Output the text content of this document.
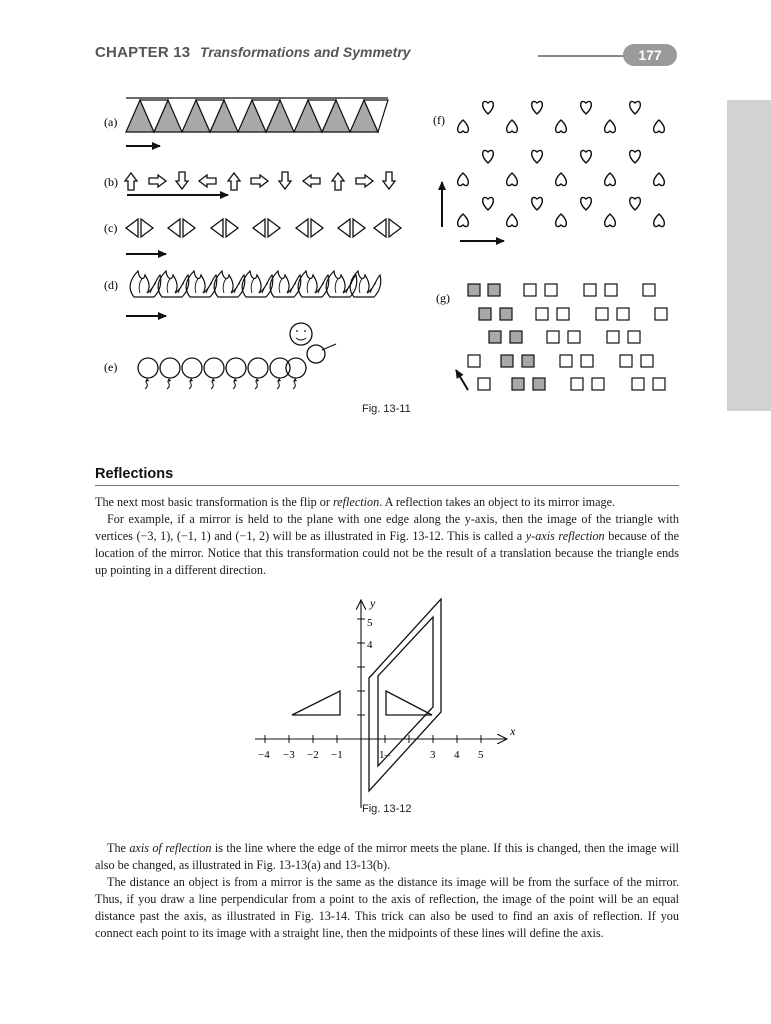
CHAPTER 13 Transformations and Symmetry	177
(a)
(b)
(c)
(d)
(e)
(f)
(g)
Fig. 13-11
Reflections

The next most basic transformation is the flip or reflection. A reflection takes an object to its mirror image.

For example, if a mirror is held to the plane with one edge along the y-axis, then the image of the triangle with vertices (−3, 1), (−1, 1) and (−1, 2) will be as illustrated in Fig. 13-12. This is called a y-axis reflection because of the location of the mirror. Notice that this transformation could not be the result of a translation because the triangle ends up pointing in a different direction.

x
y
−4 −3 −2 −1	1–	3 4 5
5
4
Fig. 13-12

The axis of reflection is the line where the edge of the mirror meets the plane. If this is changed, then the image will also be changed, as illustrated in Fig. 13-13(a) and 13-13(b).

The distance an object is from a mirror is the same as the distance its image will be from the surface of the mirror. Thus, if you draw a line perpendicular from a point to the axis of reflection, the image of the point will be an equal distance past the axis, as illustrated in Fig. 13-14. This trick can also be used to find an axis of reflection. If you connect each point to its image with a straight line, then the midpoints of these lines will define the axis.
